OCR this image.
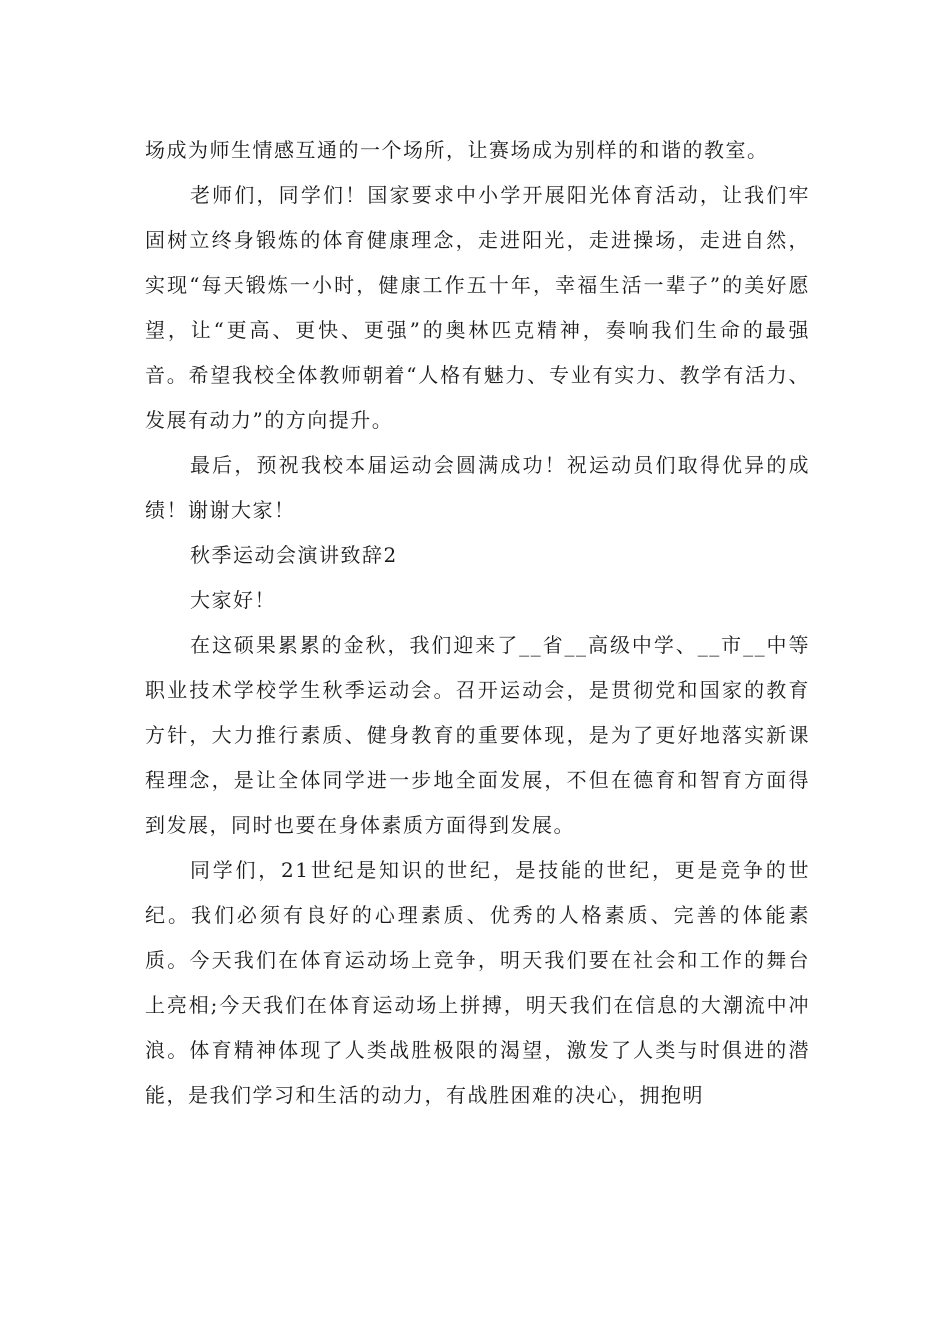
场成为师生情感互通的一个场所，让赛场成为别样的和谐的教室。

老师们，同学们！国家要求中小学开展阳光体育活动，让我们牢固树立终身锻炼的体育健康理念，走进阳光，走进操场，走进自然，实现“每天锻炼一小时，健康工作五十年，幸福生活一辈子”的美好愿望，让“更高、更快、更强”的奥林匹克精神，奏响我们生命的最强音。希望我校全体教师朝着“人格有魅力、专业有实力、教学有活力、发展有动力”的方向提升。

最后，预祝我校本届运动会圆满成功！祝运动员们取得优异的成绩！谢谢大家！

秋季运动会演讲致辞2

大家好！

在这硕果累累的金秋，我们迎来了__省__高级中学、__市__中等职业技术学校学生秋季运动会。召开运动会，是贯彻党和国家的教育方针，大力推行素质、健身教育的重要体现，是为了更好地落实新课程理念，是让全体同学进一步地全面发展，不但在德育和智育方面得到发展，同时也要在身体素质方面得到发展。

同学们，21世纪是知识的世纪，是技能的世纪，更是竞争的世纪。我们必须有良好的心理素质、优秀的人格素质、完善的体能素质。今天我们在体育运动场上竞争，明天我们要在社会和工作的舞台上亮相;今天我们在体育运动场上拼搏，明天我们在信息的大潮流中冲浪。体育精神体现了人类战胜极限的渴望，激发了人类与时俱进的潜能，是我们学习和生活的动力，有战胜困难的决心，拥抱明
